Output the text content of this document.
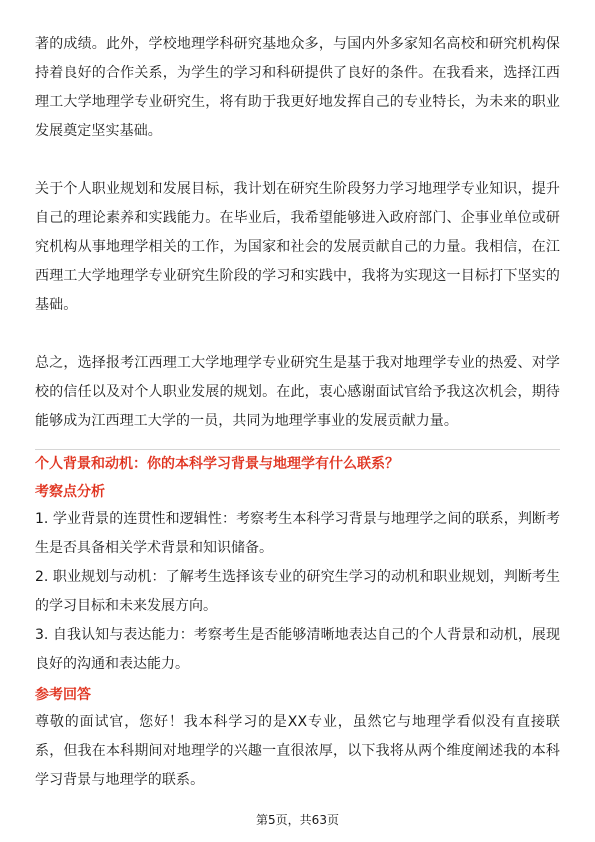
著的成绩。此外，学校地理学科研究基地众多，与国内外多家知名高校和研究机构保持着良好的合作关系，为学生的学习和科研提供了良好的条件。在我看来，选择江西理工大学地理学专业研究生，将有助于我更好地发挥自己的专业特长，为未来的职业发展奠定坚实基础。

关于个人职业规划和发展目标，我计划在研究生阶段努力学习地理学专业知识，提升自己的理论素养和实践能力。在毕业后，我希望能够进入政府部门、企事业单位或研究机构从事地理学相关的工作，为国家和社会的发展贡献自己的力量。我相信，在江西理工大学地理学专业研究生阶段的学习和实践中，我将为实现这一目标打下坚实的基础。

总之，选择报考江西理工大学地理学专业研究生是基于我对地理学专业的热爱、对学校的信任以及对个人职业发展的规划。在此，衷心感谢面试官给予我这次机会，期待能够成为江西理工大学的一员，共同为地理学事业的发展贡献力量。

个人背景和动机：你的本科学习背景与地理学有什么联系？

考察点分析

1. 学业背景的连贯性和逻辑性：考察考生本科学习背景与地理学之间的联系，判断考生是否具备相关学术背景和知识储备。

2. 职业规划与动机：了解考生选择该专业的研究生学习的动机和职业规划，判断考生的学习目标和未来发展方向。

3. 自我认知与表达能力：考察考生是否能够清晰地表达自己的个人背景和动机，展现良好的沟通和表达能力。

参考回答

尊敬的面试官，您好！我本科学习的是XX专业，虽然它与地理学看似没有直接联系，但我在本科期间对地理学的兴趣一直很浓厚，以下我将从两个维度阐述我的本科学习背景与地理学的联系。

第5页，共63页
